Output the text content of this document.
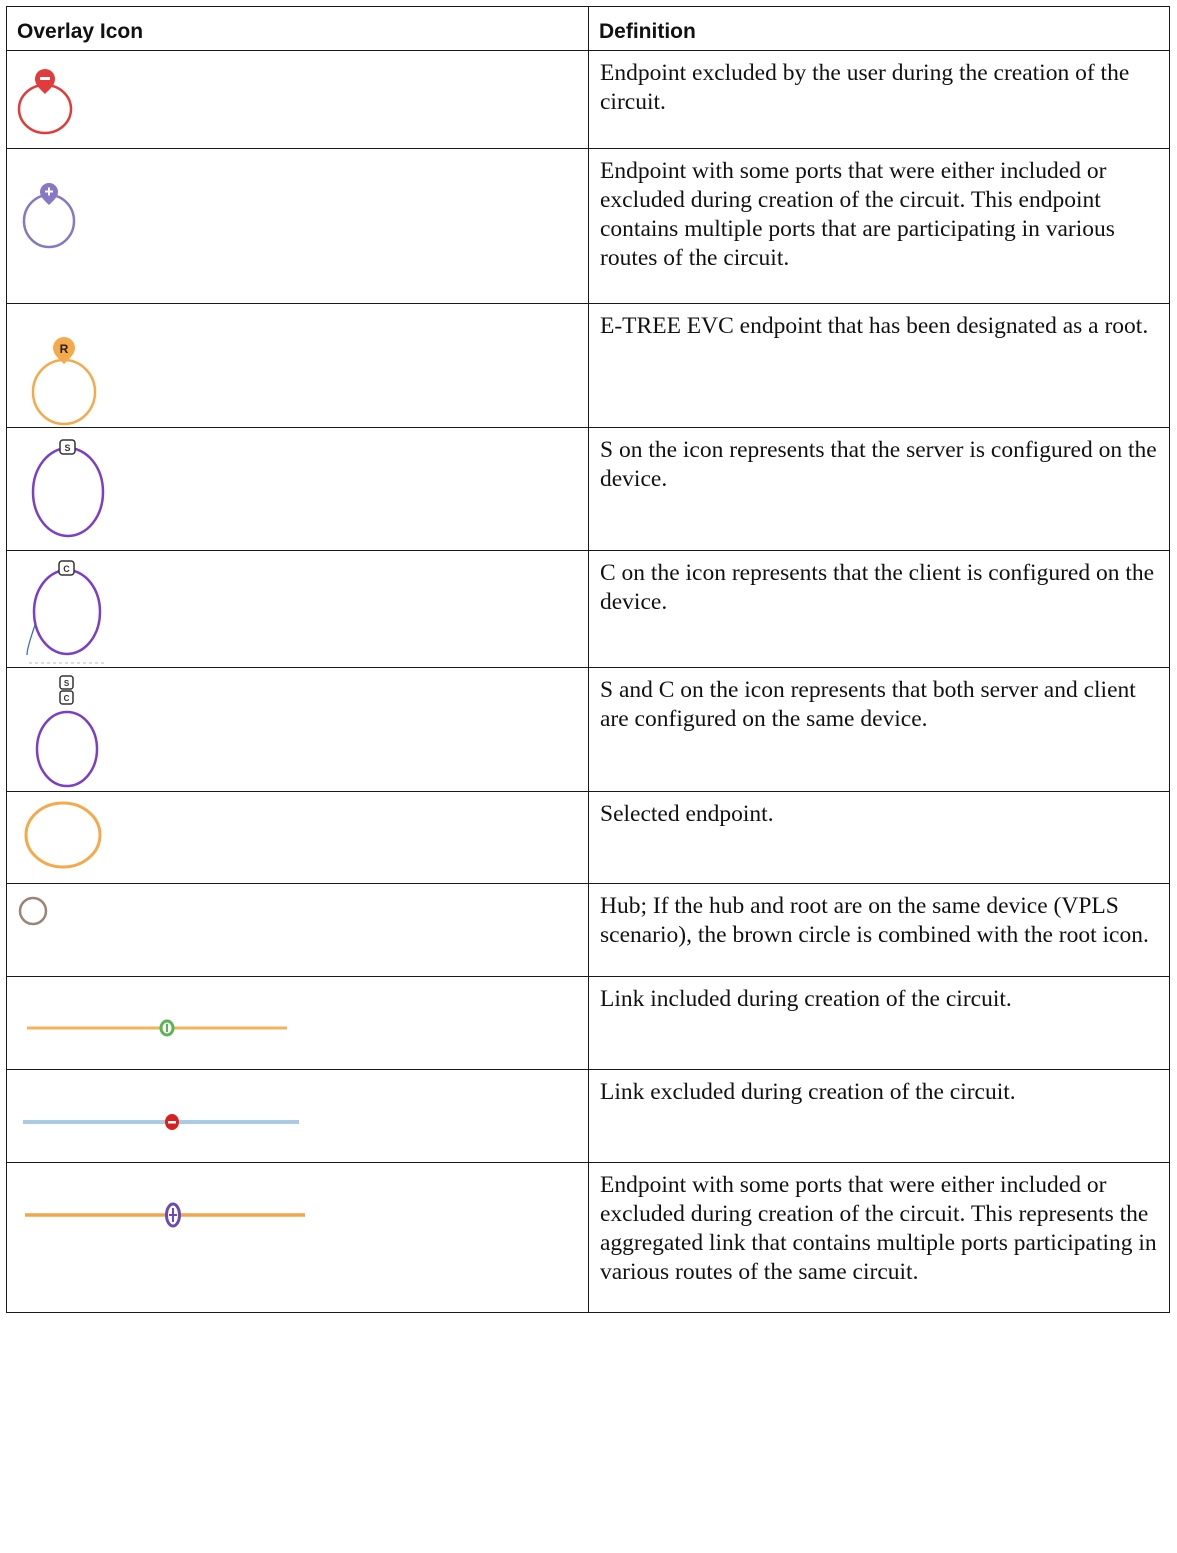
Overlay Icon	Definition

	Endpoint excluded by the user during the creation of the circuit.

	Endpoint with some ports that were either included or excluded during creation of the circuit. This endpoint contains multiple ports that are participating in various routes of the circuit.

R	E-TREE EVC endpoint that has been designated as a root.

S	S on the icon represents that the server is configured on the device.

C	C on the icon represents that the client is configured on the device.

S
C	S and C on the icon represents that both server and client are configured on the same device.

	Selected endpoint.

	Hub; If the hub and root are on the same device (VPLS scenario), the brown circle is combined with the root icon.

	Link included during creation of the circuit.

	Link excluded during creation of the circuit.

	Endpoint with some ports that were either included or excluded during creation of the circuit. This represents the aggregated link that contains multiple ports participating in various routes of the same circuit.
